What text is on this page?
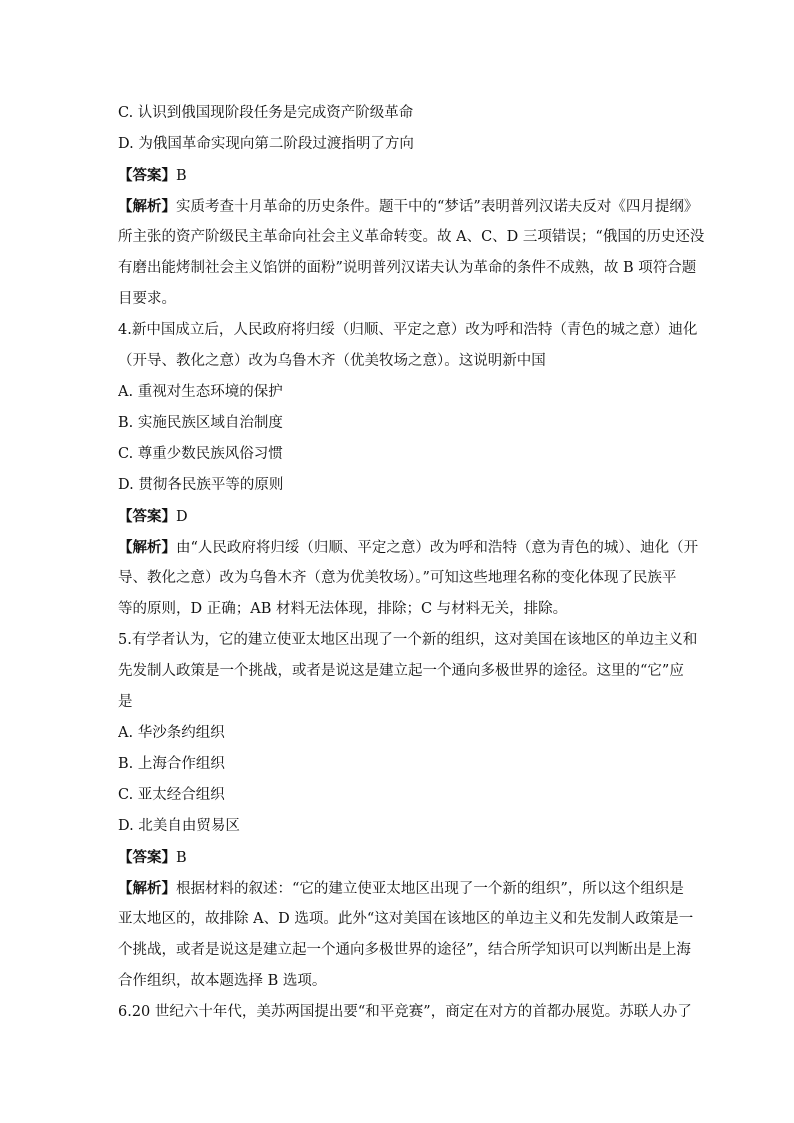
C. 认识到俄国现阶段任务是完成资产阶级革命
D. 为俄国革命实现向第二阶段过渡指明了方向
【答案】B
【解析】实质考查十月革命的历史条件。题干中的“梦话”表明普列汉诺夫反对《四月提纲》
所主张的资产阶级民主革命向社会主义革命转变。故 A、C、D 三项错误；“俄国的历史还没
有磨出能烤制社会主义馅饼的面粉”说明普列汉诺夫认为革命的条件不成熟，故 B 项符合题
目要求。
4.新中国成立后，人民政府将归绥（归顺、平定之意）改为呼和浩特（青色的城之意）迪化
（开导、教化之意）改为乌鲁木齐（优美牧场之意）。这说明新中国
A. 重视对生态环境的保护
B. 实施民族区域自治制度
C. 尊重少数民族风俗习惯
D. 贯彻各民族平等的原则
【答案】D
【解析】由“人民政府将归绥（归顺、平定之意）改为呼和浩特（意为青色的城）、迪化（开
导、教化之意）改为乌鲁木齐（意为优美牧场）。”可知这些地理名称的变化体现了民族平
等的原则，D 正确；AB 材料无法体现，排除；C 与材料无关，排除。
5.有学者认为，它的建立使亚太地区出现了一个新的组织，这对美国在该地区的单边主义和
先发制人政策是一个挑战，或者是说这是建立起一个通向多极世界的途径。这里的“它”应
是
A. 华沙条约组织
B. 上海合作组织
C. 亚太经合组织
D. 北美自由贸易区
【答案】B
【解析】根据材料的叙述：“它的建立使亚太地区出现了一个新的组织”，所以这个组织是
亚太地区的，故排除 A、D 选项。此外“这对美国在该地区的单边主义和先发制人政策是一
个挑战，或者是说这是建立起一个通向多极世界的途径”，结合所学知识可以判断出是上海
合作组织，故本题选择 B 选项。
6.20 世纪六十年代，美苏两国提出要“和平竞赛”，商定在对方的首都办展览。苏联人办了
